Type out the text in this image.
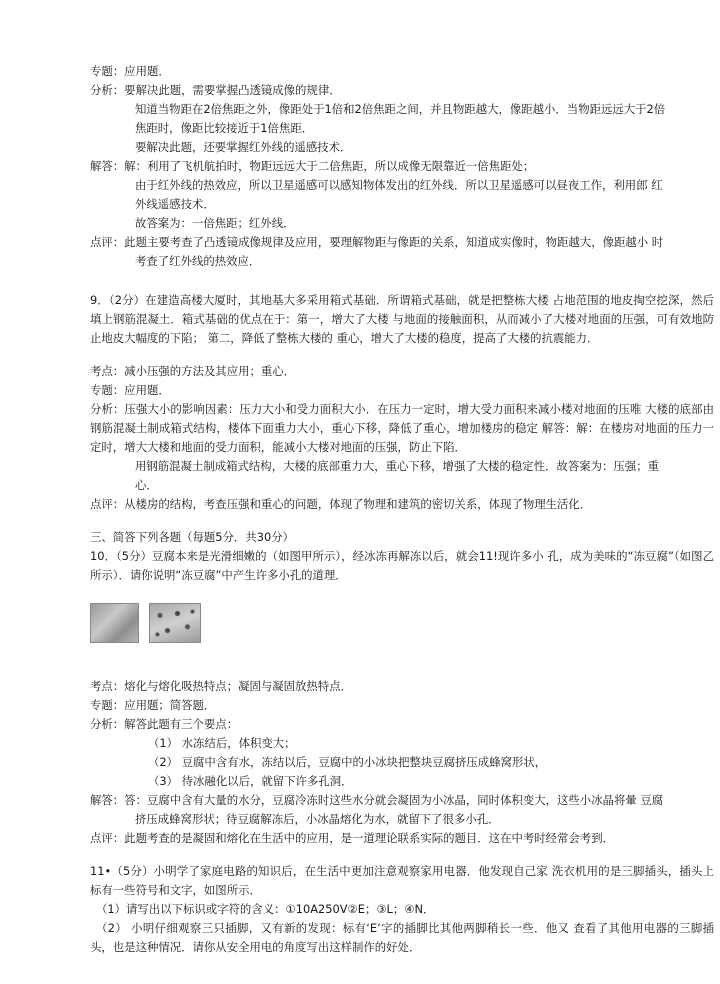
专题：应用题．
分析：要解决此题，需要掌握凸透镜成像的规律．
知道当物距在2倍焦距之外，像距处于1倍和2倍焦距之间，并且物距越大，像距越小．当物距远远大于2倍
焦距时，像距比较接近于1倍焦距．
要解决此题，还要掌握红外线的遥感技术．
解答：解：利用了飞机航拍时，物距远远大于二倍焦距，所以成像无限靠近一倍焦距处；
由于红外线的热效应，所以卫星遥感可以感知物体发出的红外线．所以卫星遥感可以昼夜工作，利用郎 红
外线遥感技术．
故答案为：一倍焦距；红外线．
点评：此题主要考查了凸透镜成像规律及应用，要理解物距与像距的关系，知道成实像时，物距越大，像距越小 时
考查了红外线的热效应．
9．（2分）在建造高楼大厦时，其地基大多采用箱式基础．所谓箱式基础，就是把整栋大楼 占地范围的地皮掏空挖深，然后填上钢筋混凝土．箱式基础的优点在于：第一，增大了大楼 与地面的接触面积，从而减小了大楼对地面的压强，可有效地防止地皮大幅度的下陷； 第二，降低了整栋大楼的 重心，增大了大楼的稳度，提高了大楼的抗震能力．
考点：减小压强的方法及其应用；重心．
专题：应用题．
分析：压强大小的影响因素：压力大小和受力面积大小．在压力一定时，增大受力面积来减小楼对地面的压唯 大楼的底部由钢筋混凝土制成箱式结构，楼体下面重力大小，重心下移，降低了重心，增加楼房的稳定 解答：解：在楼房对地面的压力一定时，增大大楼和地面的受力面积，能减小大楼对地面的压强，防止下陷．
用钢筋混凝土制成箱式结构，大楼的底部重力大，重心下移，增强了大楼的稳定性．故答案为：压强；重
心．
点评：从楼房的结构，考查压强和重心的问题，体现了物理和建筑的密切关系，体现了物理生活化．
三、简答下列各题（每题5分．共30分）
10．（5分）豆腐本来是光滑细嫩的（如图甲所示），经冰冻再解冻以后，就会11!现许多小 孔，成为美味的“冻豆腐”（如图乙所示）．请你说明“冻豆腐”中产生许多小孔的道理．
考点：熔化与熔化吸热特点；凝固与凝固放热特点．
专题：应用题；简答题．
分析：解答此题有三个要点：
（1） 水冻结后，体积变大；
（2） 豆腐中含有水，冻结以后，豆腐中的小冰块把整块豆腐挤压成蜂窝形状，
（3） 待冰融化以后，就留下许多孔洞．
解答：答：豆腐中含有大量的水分，豆腐冷冻时这些水分就会凝固为小冰晶，同时体积变大，这些小冰晶将暈 豆腐
挤压成蜂窝形状；待豆腐解冻后，小冰晶熔化为水，就留下了很多小孔．
点评：此题考查的是凝固和熔化在生活中的应用，是一道理论联系实际的题目．这在中考时经常会考到．
11•（5分）小明学了家庭电路的知识后，在生活中更加注意观察家用电器．他发现自己家 洗衣机用的是三脚插头，插头上标有一些符号和文字，如图所示．
（1）请写出以下标识或字符的含义：①10A250V②E；③L；④N．
（2） 小明仔细观察三只插脚，又有新的发现：标有‘E’字的插脚比其他两脚稍长一些．他又 查看了其他用电器的三脚插头，也是这种情况．请你从安全用电的角度写出这样制作的好处．
